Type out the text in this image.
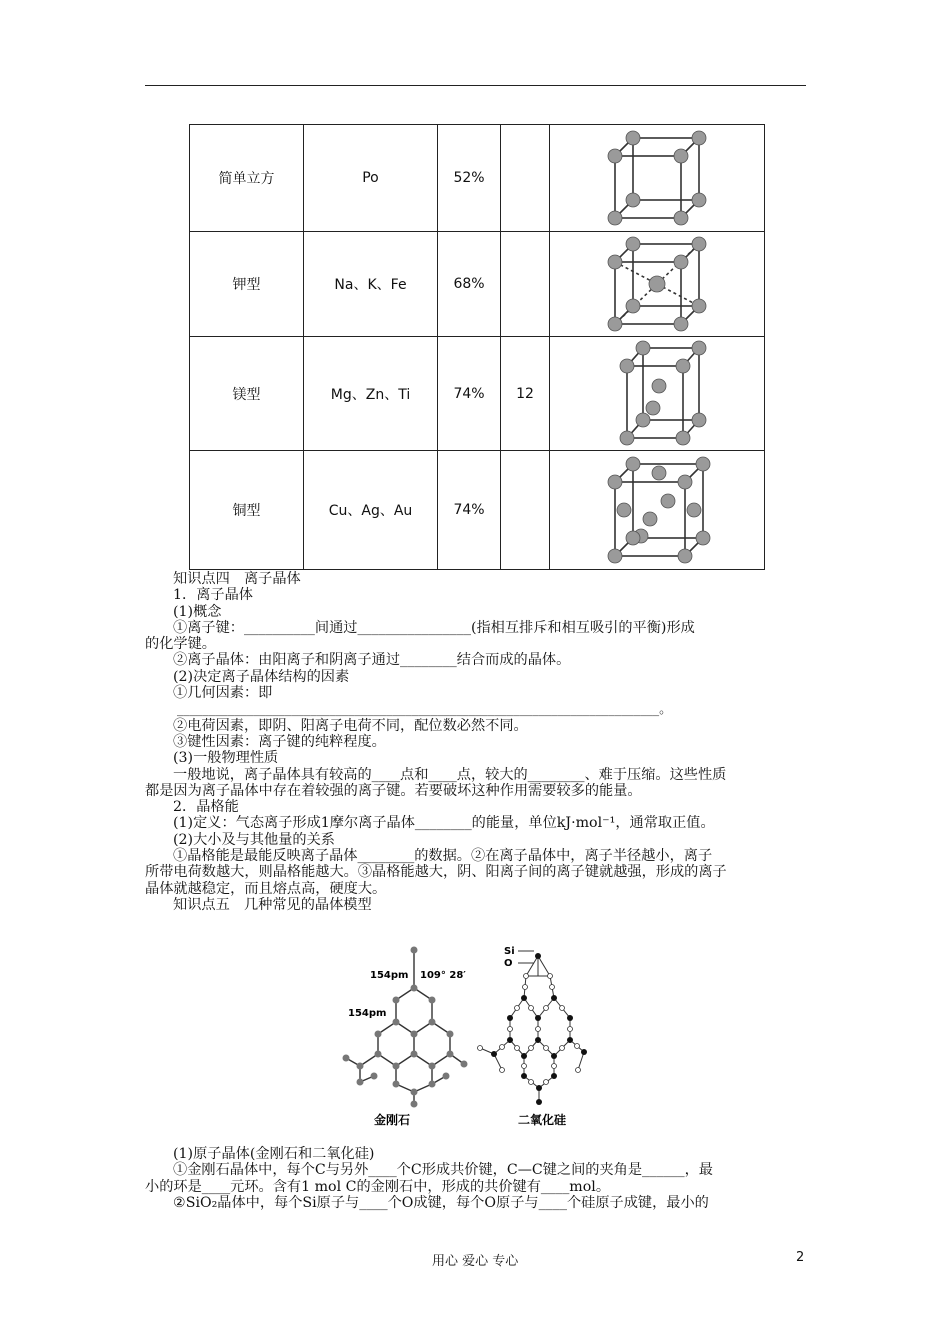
简单立方	Po	52%		

钾型	Na、K、Fe	68%		

镁型	Mg、Zn、Ti	74%	12	

铜型	Cu、Ag、Au	74%		
知识点四　离子晶体
1．离子晶体
(1)概念
①离子键：__________间通过________________(指相互排斥和相互吸引的平衡)形成
的化学键。
②离子晶体：由阳离子和阴离子通过________结合而成的晶体。
(2)决定离子晶体结构的因素
①几何因素：即
____________________________________________________________________________。
②电荷因素，即阴、阳离子电荷不同，配位数必然不同。
③键性因素：离子键的纯粹程度。
(3)一般物理性质
一般地说，离子晶体具有较高的____点和____点，较大的________、难于压缩。这些性质
都是因为离子晶体中存在着较强的离子键。若要破坏这种作用需要较多的能量。
2．晶格能
(1)定义：气态离子形成1摩尔离子晶体________的能量，单位kJ·mol⁻¹，通常取正值。
(2)大小及与其他量的关系
①晶格能是最能反映离子晶体________的数据。②在离子晶体中，离子半径越小，离子
所带电荷数越大，则晶格能越大。③晶格能越大，阴、阳离子间的离子键就越强，形成的离子
晶体就越稳定，而且熔点高，硬度大。
知识点五　几种常见的晶体模型
154pm 109° 28′
154pm
金刚石
Si
O
二氧化硅
(1)原子晶体(金刚石和二氧化硅)
①金刚石晶体中，每个C与另外____个C形成共价键，C—C键之间的夹角是______，最
小的环是____元环。含有1 mol C的金刚石中，形成的共价键有____mol。
②SiO₂晶体中，每个Si原子与____个O成键，每个O原子与____个硅原子成键，最小的
用心 爱心 专心	2
